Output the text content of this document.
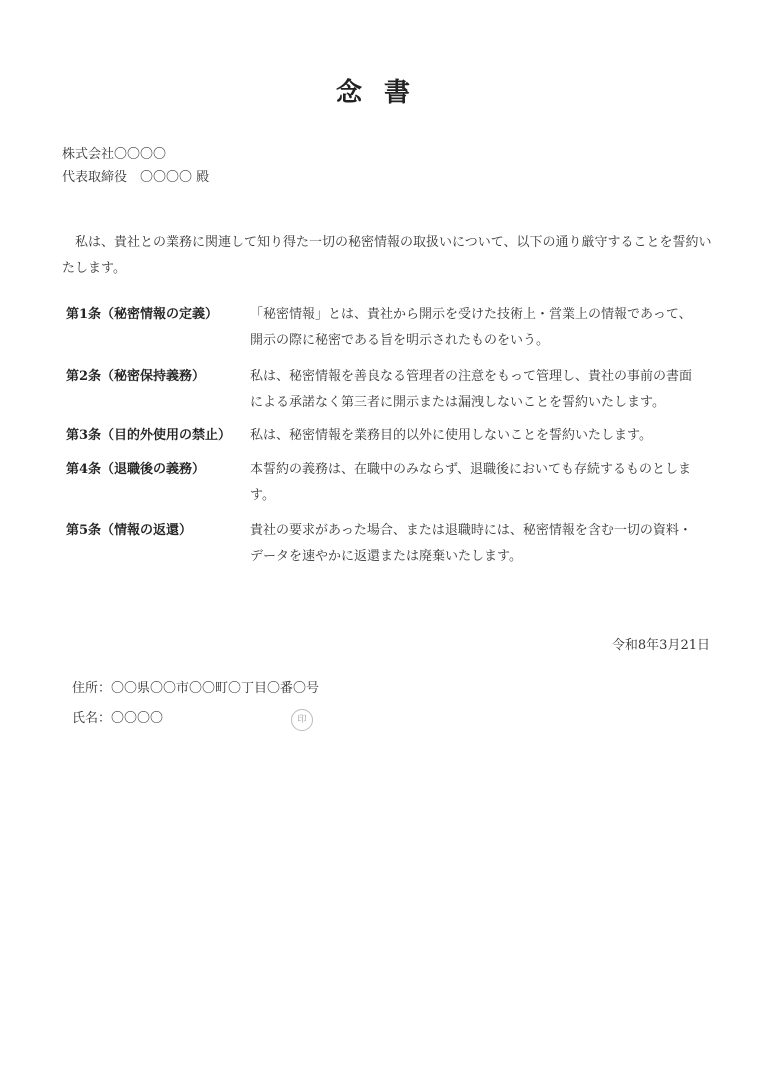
念書
株式会社〇〇〇〇
代表取締役　〇〇〇〇 殿
私は、貴社との業務に関連して知り得た一切の秘密情報の取扱いについて、以下の通り厳守することを誓約いたします。
第1条（秘密情報の定義）	「秘密情報」とは、貴社から開示を受けた技術上・営業上の情報であって、開示の際に秘密である旨を明示されたものをいう。
第2条（秘密保持義務）	私は、秘密情報を善良なる管理者の注意をもって管理し、貴社の事前の書面による承諾なく第三者に開示または漏洩しないことを誓約いたします。
第3条（目的外使用の禁止）	私は、秘密情報を業務目的以外に使用しないことを誓約いたします。
第4条（退職後の義務）	本誓約の義務は、在職中のみならず、退職後においても存続するものとします。
第5条（情報の返還）	貴社の要求があった場合、または退職時には、秘密情報を含む一切の資料・データを速やかに返還または廃棄いたします。
令和8年3月21日
住所：〇〇県〇〇市〇〇町〇丁目〇番〇号
氏名：〇〇〇〇	印
